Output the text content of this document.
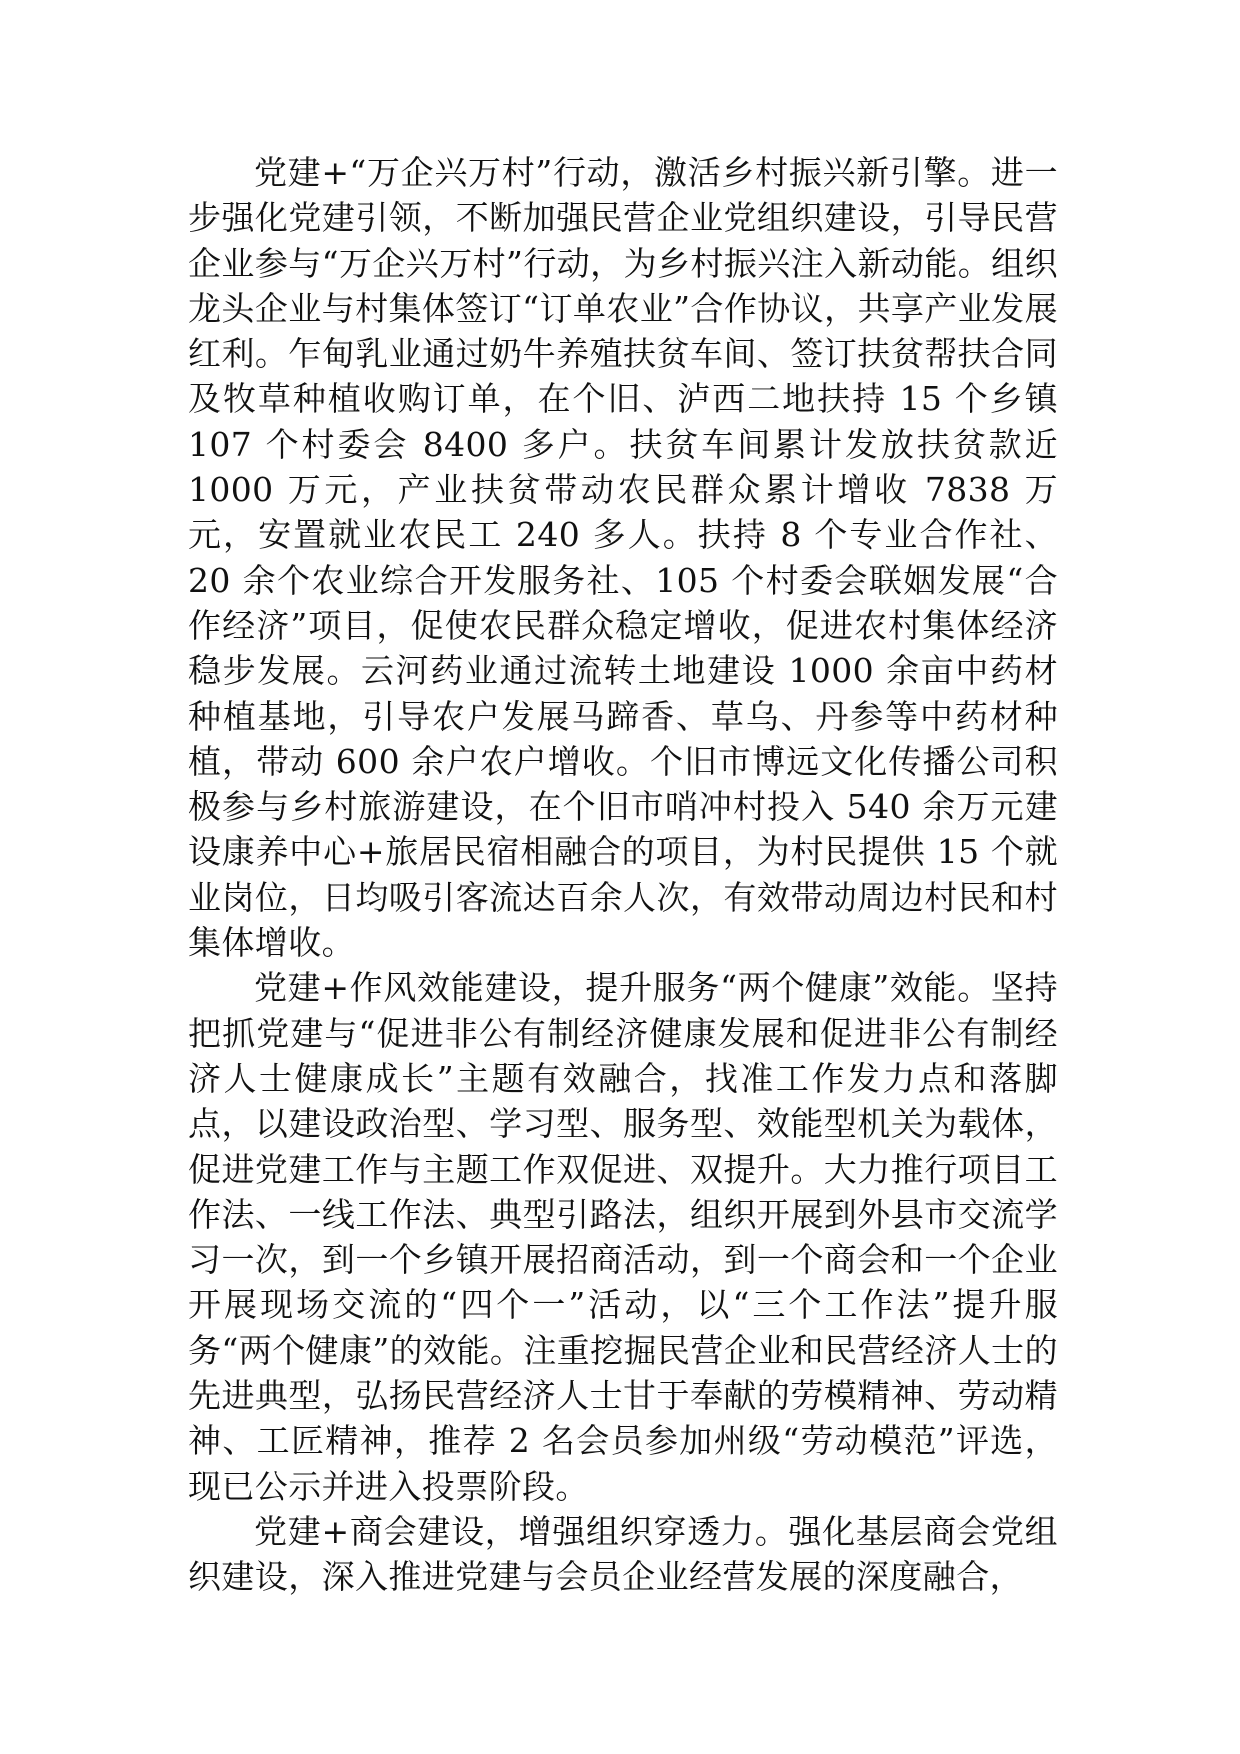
党建+“万企兴万村”行动，激活乡村振兴新引擎。进一步强化党建引领，不断加强民营企业党组织建设，引导民营企业参与“万企兴万村”行动，为乡村振兴注入新动能。组织龙头企业与村集体签订“订单农业”合作协议，共享产业发展红利。乍甸乳业通过奶牛养殖扶贫车间、签订扶贫帮扶合同及牧草种植收购订单，在个旧、泸西二地扶持 15 个乡镇 107 个村委会 8400 多户。扶贫车间累计发放扶贫款近 1000 万元，产业扶贫带动农民群众累计增收 7838 万元，安置就业农民工 240 多人。扶持 8 个专业合作社、20 余个农业综合开发服务社、105 个村委会联姻发展“合作经济”项目，促使农民群众稳定增收，促进农村集体经济稳步发展。云河药业通过流转土地建设 1000 余亩中药材种植基地，引导农户发展马蹄香、草乌、丹参等中药材种植，带动 600 余户农户增收。个旧市博远文化传播公司积极参与乡村旅游建设，在个旧市哨冲村投入 540 余万元建设康养中心+旅居民宿相融合的项目，为村民提供 15 个就业岗位，日均吸引客流达百余人次，有效带动周边村民和村集体增收。

党建+作风效能建设，提升服务“两个健康”效能。坚持把抓党建与“促进非公有制经济健康发展和促进非公有制经济人士健康成长”主题有效融合，找准工作发力点和落脚点，以建设政治型、学习型、服务型、效能型机关为载体，促进党建工作与主题工作双促进、双提升。大力推行项目工作法、一线工作法、典型引路法，组织开展到外县市交流学习一次，到一个乡镇开展招商活动，到一个商会和一个企业开展现场交流的“四个一”活动，以“三个工作法”提升服务“两个健康”的效能。注重挖掘民营企业和民营经济人士的先进典型，弘扬民营经济人士甘于奉献的劳模精神、劳动精神、工匠精神，推荐 2 名会员参加州级“劳动模范”评选，现已公示并进入投票阶段。

党建+商会建设，增强组织穿透力。强化基层商会党组织建设，深入推进党建与会员企业经营发展的深度融合，
